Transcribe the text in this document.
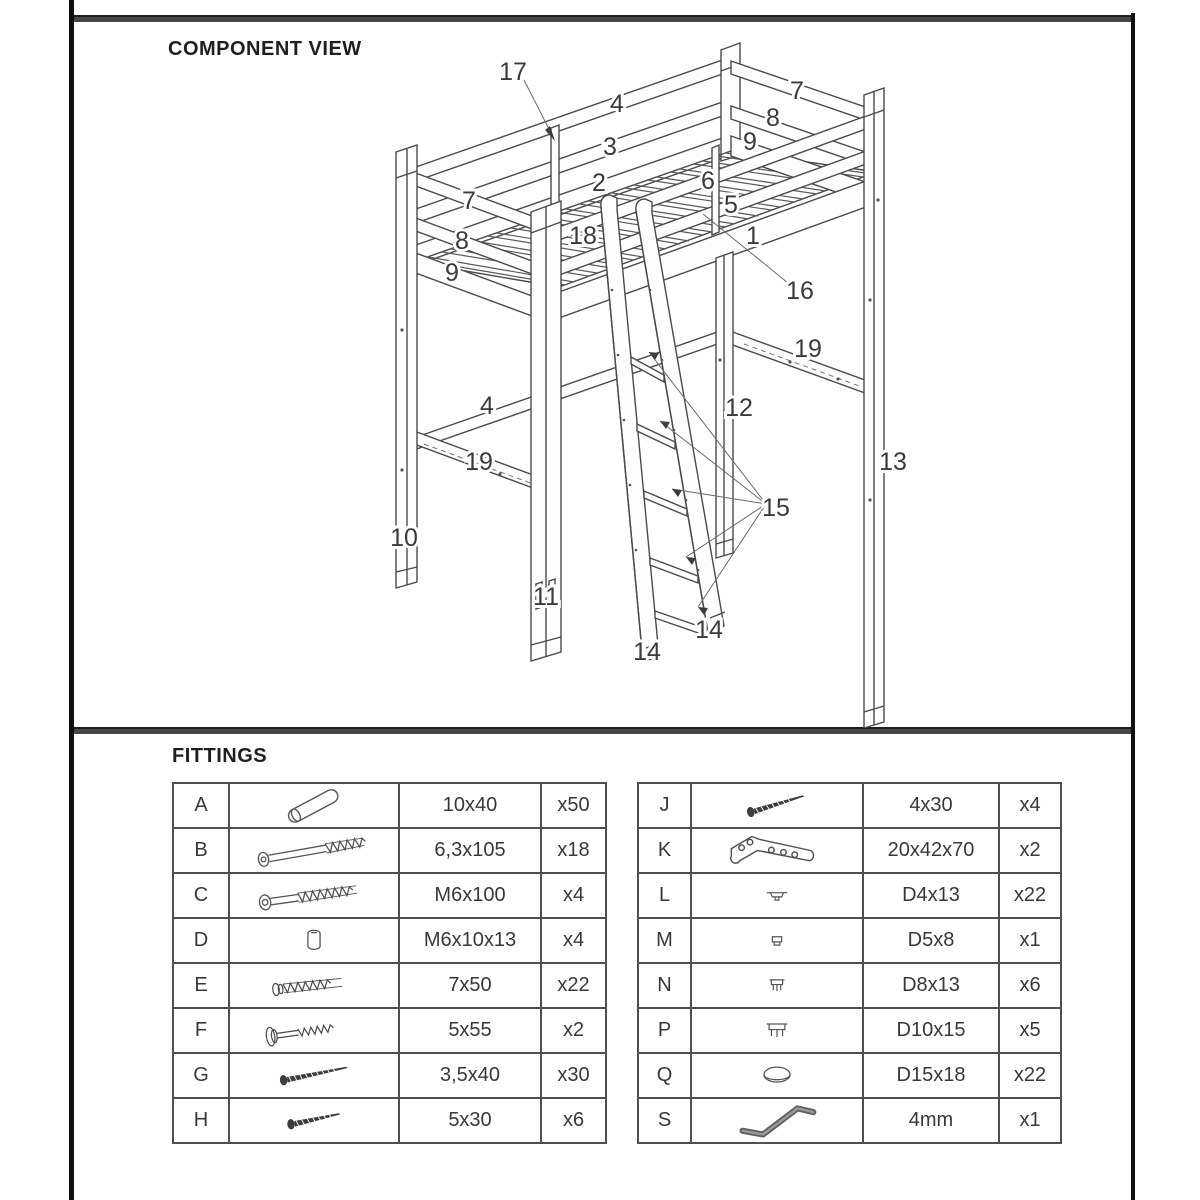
COMPONENT VIEW
FITTINGS
17
4	7
8
3	9
2	6
7	5
8	18	1
9
16
19
12
4
13
19
15
10
11
14
14
A		10x40	x50
B		6,3x105	x18
C		M6x100	x4
D		M6x10x13	x4
E		7x50	x22
F		5x55	x2
G		3,5x40	x30
H		5x30	x6
J		4x30	x4
K		20x42x70	x2
L		D4x13	x22
M		D5x8	x1
N		D8x13	x6
P		D10x15	x5
Q		D15x18	x22
S		4mm	x1
